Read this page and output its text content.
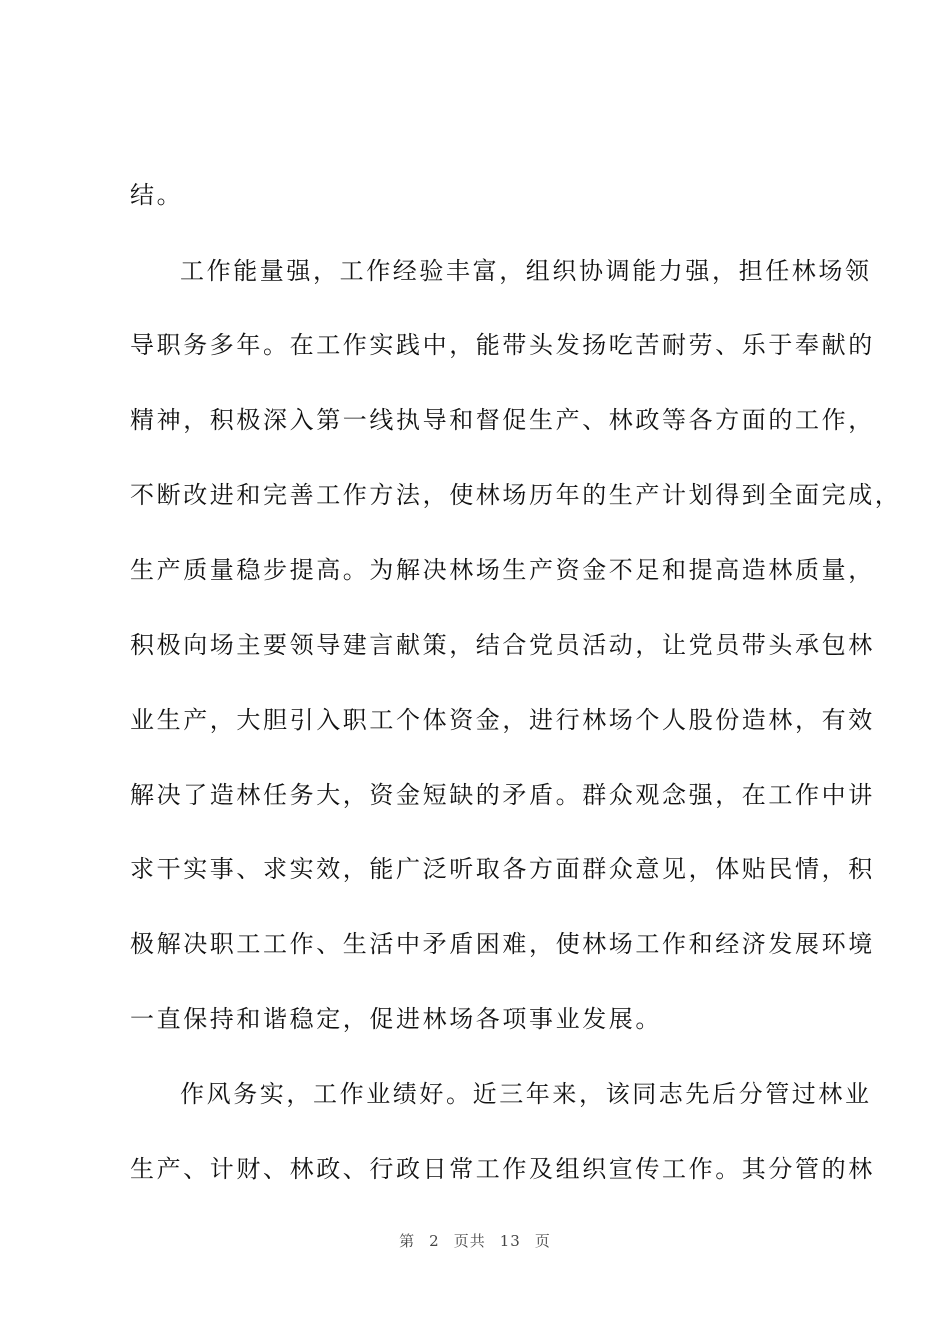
结。
工作能量强，工作经验丰富，组织协调能力强，担任林场领
导职务多年。在工作实践中，能带头发扬吃苦耐劳、乐于奉献的
精神，积极深入第一线执导和督促生产、林政等各方面的工作，
不断改进和完善工作方法，使林场历年的生产计划得到全面完成，
生产质量稳步提高。为解决林场生产资金不足和提高造林质量，
积极向场主要领导建言献策，结合党员活动，让党员带头承包林
业生产，大胆引入职工个体资金，进行林场个人股份造林，有效
解决了造林任务大，资金短缺的矛盾。群众观念强，在工作中讲
求干实事、求实效，能广泛听取各方面群众意见，体贴民情，积
极解决职工工作、生活中矛盾困难，使林场工作和经济发展环境
一直保持和谐稳定，促进林场各项事业发展。
作风务实，工作业绩好。近三年来，该同志先后分管过林业
生产、计财、林政、行政日常工作及组织宣传工作。其分管的林
第 2 页共 13 页
